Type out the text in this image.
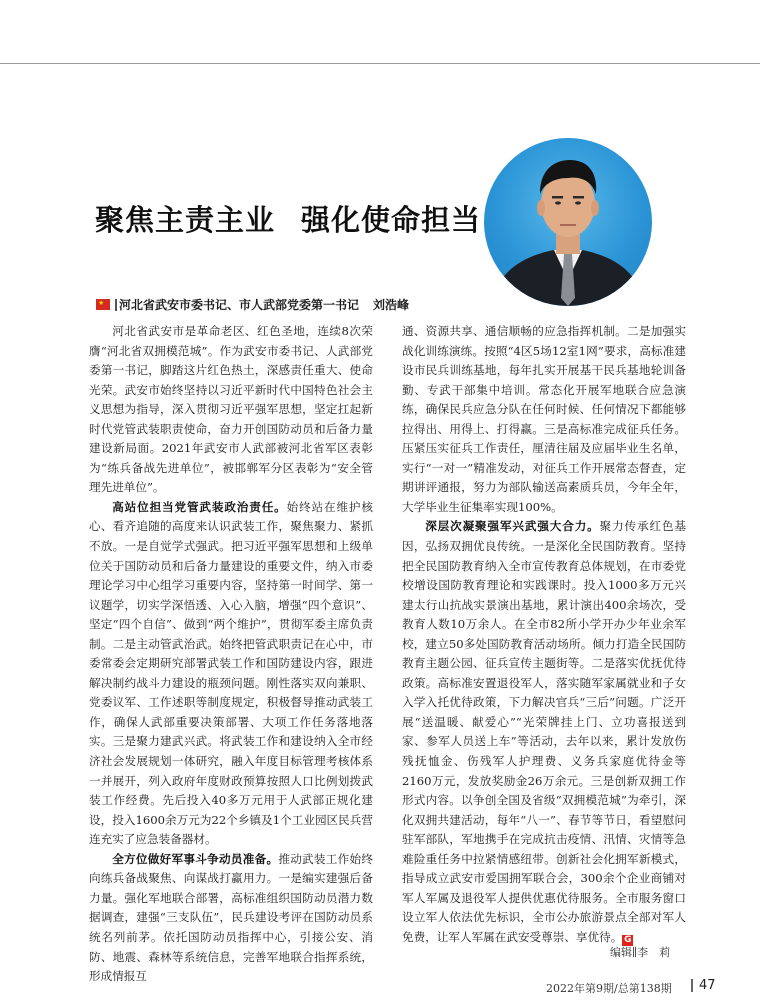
聚焦主责主业 强化使命担当
★
河北省武安市委书记、市人武部党委第一书记 刘浩峰

河北省武安市是革命老区、红色圣地，连续8次荣膺“河北省双拥模范城”。作为武安市委书记、人武部党委第一书记，脚踏这片红色热土，深感责任重大、使命光荣。武安市始终坚持以习近平新时代中国特色社会主义思想为指导，深入贯彻习近平强军思想，坚定扛起新时代党管武装职责使命，奋力开创国防动员和后备力量建设新局面。2021年武安市人武部被河北省军区表彰为“练兵备战先进单位”，被邯郸军分区表彰为“安全管理先进单位”。

高站位担当党管武装政治责任。始终站在维护核心、看齐追随的高度来认识武装工作，聚焦聚力、紧抓不放。一是自觉学式强武。把习近平强军思想和上级单位关于国防动员和后备力量建设的重要文件，纳入市委理论学习中心组学习重要内容，坚持第一时间学、第一议题学，切实学深悟透、入心入脑，增强“四个意识”、坚定“四个自信”、做到“两个维护”，贯彻军委主席负责制。二是主动管武治武。始终把管武职责记在心中，市委常委会定期研究部署武装工作和国防建设内容，跟进解决制约战斗力建设的瓶颈问题。刚性落实双向兼职、党委议军、工作述职等制度规定，积极督导推动武装工作，确保人武部重要决策部署、大项工作任务落地落实。三是聚力建武兴武。将武装工作和建设纳入全市经济社会发展规划一体研究，融入年度目标管理考核体系一并展开，列入政府年度财政预算按照人口比例划拨武装工作经费。先后投入40多万元用于人武部正规化建设，投入1600余万元为22个乡镇及1个工业园区民兵营连充实了应急装备器材。

全方位做好军事斗争动员准备。推动武装工作始终向练兵备战聚焦、向谋战打赢用力。一是编实建强后备力量。强化军地联合部署，高标准组织国防动员潜力数据调查，建强“三支队伍”，民兵建设考评在国防动员系统名列前茅。依托国防动员指挥中心，引接公安、消防、地震、森林等系统信息，完善军地联合指挥系统，形成情报互

通、资源共享、通信顺畅的应急指挥机制。二是加强实战化训练演练。按照“4区5场12室1网”要求，高标准建设市民兵训练基地，每年扎实开展基干民兵基地轮训备勤、专武干部集中培训。常态化开展军地联合应急演练，确保民兵应急分队在任何时候、任何情况下都能够拉得出、用得上、打得赢。三是高标准完成征兵任务。压紧压实征兵工作责任，厘清往届及应届毕业生名单，实行“一对一”精准发动，对征兵工作开展常态督查，定期讲评通报，努力为部队输送高素质兵员，今年全年，大学毕业生征集率实现100%。

深层次凝聚强军兴武强大合力。聚力传承红色基因，弘扬双拥优良传统。一是深化全民国防教育。坚持把全民国防教育纳入全市宣传教育总体规划，在市委党校增设国防教育理论和实践课时。投入1000多万元兴建太行山抗战实景演出基地，累计演出400余场次，受教育人数10万余人。在全市82所小学开办少年业余军校，建立50多处国防教育活动场所。倾力打造全民国防教育主题公园、征兵宣传主题街等。二是落实优抚优待政策。高标准安置退役军人，落实随军家属就业和子女入学入托优待政策，下力解决官兵“三后”问题。广泛开展“送温暖、献爱心”“光荣牌挂上门、立功喜报送到家、参军人员送上车”等活动，去年以来，累计发放伤残抚恤金、伤残军人护理费、义务兵家庭优待金等2160万元，发放奖励金26万余元。三是创新双拥工作形式内容。以争创全国及省级“双拥模范城”为牵引，深化双拥共建活动，每年“八一”、春节等节日，看望慰问驻军部队，军地携手在完成抗击疫情、汛情、灾情等急难险重任务中拉紧情感纽带。创新社会化拥军新模式，指导成立武安市爱国拥军联合会，300余个企业商铺对军人军属及退役军人提供优惠优待服务。全市服务窗口设立军人依法优先标识，全市公办旅游景点全部对军人免费，让军人军属在武安受尊崇、享优待。 G

编辑∥李　莉
2022年第9期/总第138期 47
